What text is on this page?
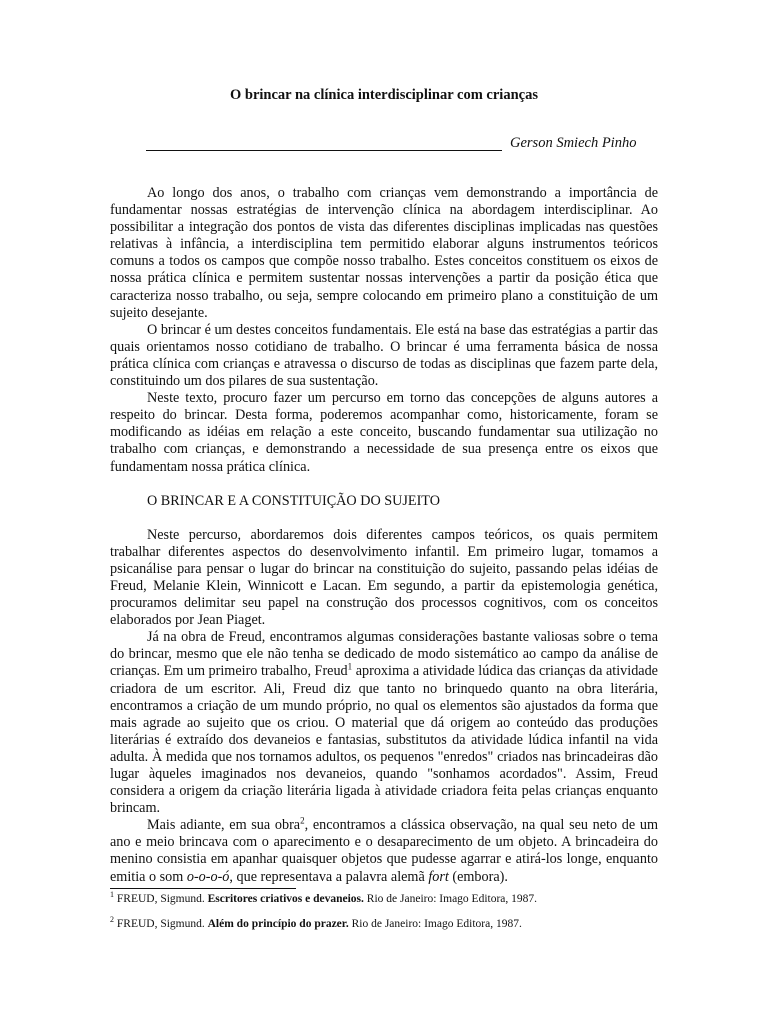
O brincar na clínica interdisciplinar com crianças
Gerson Smiech Pinho

Ao longo dos anos, o trabalho com crianças vem demonstrando a importância de fundamentar nossas estratégias de intervenção clínica na abordagem interdisciplinar. Ao possibilitar a integração dos pontos de vista das diferentes disciplinas implicadas nas questões relativas à infância, a interdisciplina tem permitido elaborar alguns instrumentos teóricos comuns a todos os campos que compõe nosso trabalho. Estes conceitos constituem os eixos de nossa prática clínica e permitem sustentar nossas intervenções a partir da posição ética que caracteriza nosso trabalho, ou seja, sempre colocando em primeiro plano a constituição de um sujeito desejante.

O brincar é um destes conceitos fundamentais. Ele está na base das estratégias a partir das quais orientamos nosso cotidiano de trabalho. O brincar é uma ferramenta básica de nossa prática clínica com crianças e atravessa o discurso de todas as disciplinas que fazem parte dela, constituindo um dos pilares de sua sustentação.

Neste texto, procuro fazer um percurso em torno das concepções de alguns autores a respeito do brincar. Desta forma, poderemos acompanhar como, historicamente, foram se modificando as idéias em relação a este conceito, buscando fundamentar sua utilização no trabalho com crianças, e demonstrando a necessidade de sua presença entre os eixos que fundamentam nossa prática clínica.

O BRINCAR E A CONSTITUIÇÃO DO SUJEITO

Neste percurso, abordaremos dois diferentes campos teóricos, os quais permitem trabalhar diferentes aspectos do desenvolvimento infantil. Em primeiro lugar, tomamos a psicanálise para pensar o lugar do brincar na constituição do sujeito, passando pelas idéias de Freud, Melanie Klein, Winnicott e Lacan. Em segundo, a partir da epistemologia genética, procuramos delimitar seu papel na construção dos processos cognitivos, com os conceitos elaborados por Jean Piaget.

Já na obra de Freud, encontramos algumas considerações bastante valiosas sobre o tema do brincar, mesmo que ele não tenha se dedicado de modo sistemático ao campo da análise de crianças. Em um primeiro trabalho, Freud$^1$ aproxima a atividade lúdica das crianças da atividade criadora de um escritor. Ali, Freud diz que tanto no brinquedo quanto na obra literária, encontramos a criação de um mundo próprio, no qual os elementos são ajustados da forma que mais agrade ao sujeito que os criou. O material que dá origem ao conteúdo das produções literárias é extraído dos devaneios e fantasias, substitutos da atividade lúdica infantil na vida adulta. À medida que nos tornamos adultos, os pequenos "enredos" criados nas brincadeiras dão lugar àqueles imaginados nos devaneios, quando "sonhamos acordados". Assim, Freud considera a origem da criação literária ligada à atividade criadora feita pelas crianças enquanto brincam.

Mais adiante, em sua obra$^2$, encontramos a clássica observação, na qual seu neto de um ano e meio brincava com o aparecimento e o desaparecimento de um objeto. A brincadeira do menino consistia em apanhar quaisquer objetos que pudesse agarrar e atirá-los longe, enquanto emitia o som o-o-o-ó, que representava a palavra alemã fort (embora).

$^1$ FREUD, Sigmund. Escritores criativos e devaneios. Rio de Janeiro: Imago Editora, 1987.
$^2$ FREUD, Sigmund. Além do princípio do prazer. Rio de Janeiro: Imago Editora, 1987.
